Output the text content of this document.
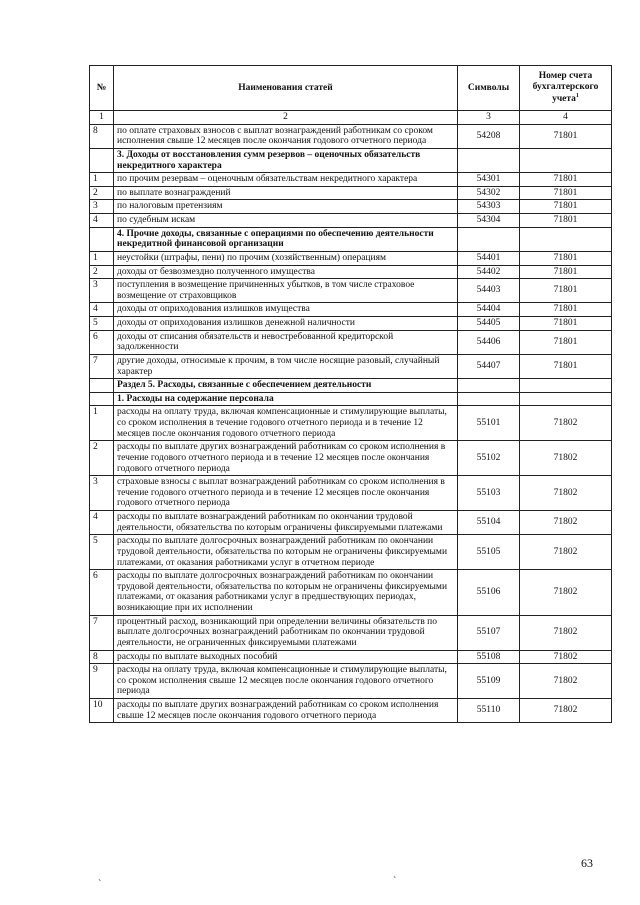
№	Наименования статей	Символы	Номер счета бухгалтерского учета$^1$
1	2	3	4
8	по оплате страховых взносов с выплат вознаграждений работникам со сроком исполнения свыше 12 месяцев после окончания годового отчетного периода	54208	71801
	3. Доходы от восстановления сумм резервов – оценочных обязательств некредитного характера		
1	по прочим резервам – оценочным обязательствам некредитного характера	54301	71801
2	по выплате вознаграждений	54302	71801
3	по налоговым претензиям	54303	71801
4	по судебным искам	54304	71801
	4. Прочие доходы, связанные с операциями по обеспечению деятельности некредитной финансовой организации		
1	неустойки (штрафы, пени) по прочим (хозяйственным) операциям	54401	71801
2	доходы от безвозмездно полученного имущества	54402	71801
3	поступления в возмещение причиненных убытков, в том числе страховое возмещение от страховщиков	54403	71801
4	доходы от оприходования излишков имущества	54404	71801
5	доходы от оприходования излишков денежной наличности	54405	71801
6	доходы от списания обязательств и невостребованной кредиторской задолженности	54406	71801
7	другие доходы, относимые к прочим, в том числе носящие разовый, случайный характер	54407	71801
	Раздел 5. Расходы, связанные с обеспечением деятельности		
	1. Расходы на содержание персонала		
1	расходы на оплату труда, включая компенсационные и стимулирующие выплаты, со сроком исполнения в течение годового отчетного периода и в течение 12 месяцев после окончания годового отчетного периода	55101	71802
2	расходы по выплате других вознаграждений работникам со сроком исполнения в течение годового отчетного периода и в течение 12 месяцев после окончания годового отчетного периода	55102	71802
3	страховые взносы с выплат вознаграждений работникам со сроком исполнения в течение годового отчетного периода и в течение 12 месяцев после окончания годового отчетного периода	55103	71802
4	расходы по выплате вознаграждений работникам по окончании трудовой деятельности, обязательства по которым ограничены фиксируемыми платежами	55104	71802
5	расходы по выплате долгосрочных вознаграждений работникам по окончании трудовой деятельности, обязательства по которым не ограничены фиксируемыми платежами, от оказания работниками услуг в отчетном периоде	55105	71802
6	расходы по выплате долгосрочных вознаграждений работникам по окончании трудовой деятельности, обязательства по которым не ограничены фиксируемыми платежами, от оказания работниками услуг в предшествующих периодах, возникающие при их исполнении	55106	71802
7	процентный расход, возникающий при определении величины обязательств по выплате долгосрочных вознаграждений работникам по окончании трудовой деятельности, не ограниченных фиксируемыми платежами	55107	71802
8	расходы по выплате выходных пособий	55108	71802
9	расходы на оплату труда, включая компенсационные и стимулирующие выплаты, со сроком исполнения свыше 12 месяцев после окончания годового отчетного периода	55109	71802
10	расходы по выплате других вознаграждений работникам со сроком исполнения свыше 12 месяцев после окончания годового отчетного периода	55110	71802
63
`	`
